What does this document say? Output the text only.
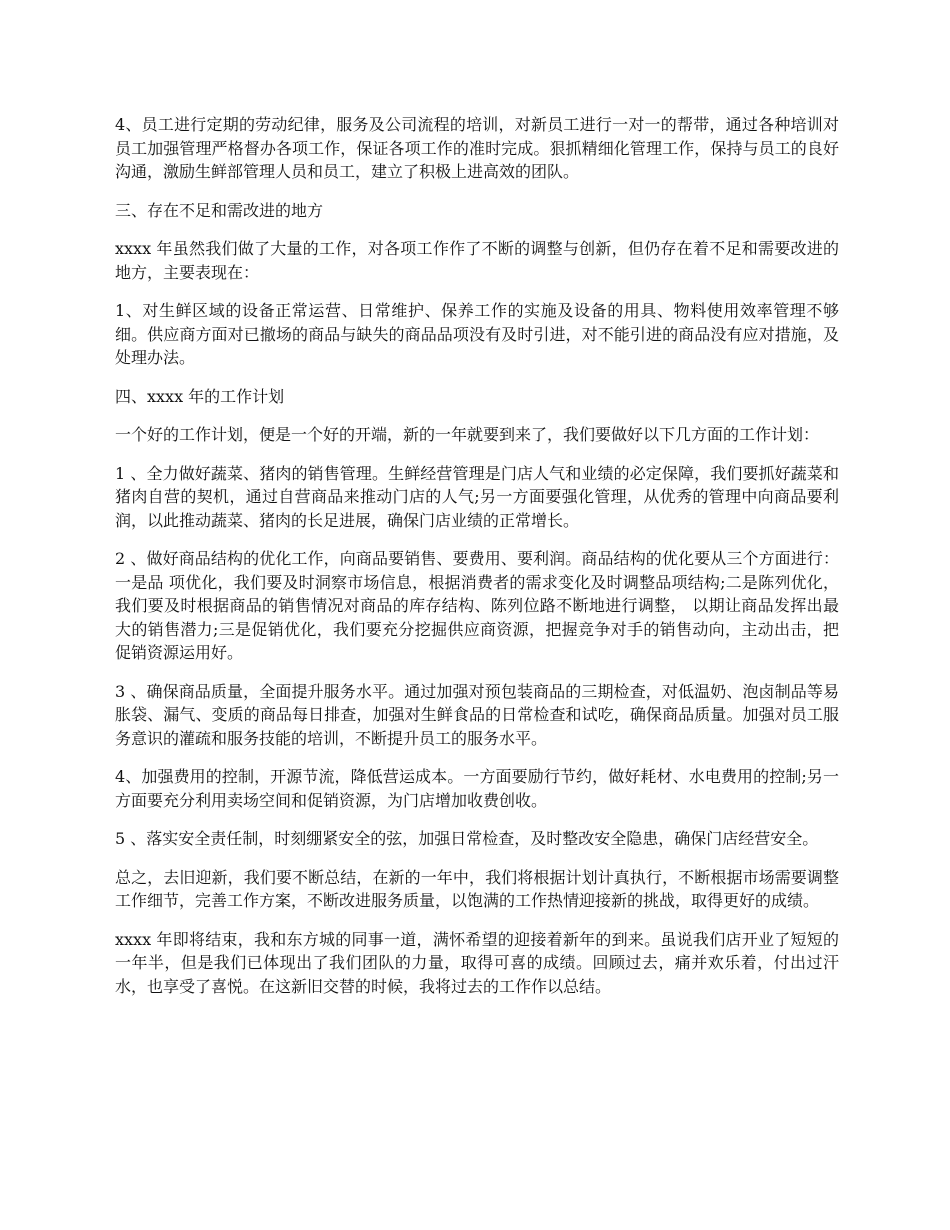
4、员工进行定期的劳动纪律，服务及公司流程的培训，对新员工进行一对一的帮带，通过各种培训对员工加强管理严格督办各项工作，保证各项工作的准时完成。狠抓精细化管理工作，保持与员工的良好沟通，激励生鲜部管理人员和员工，建立了积极上进高效的团队。

三、存在不足和需改进的地方

xxxx 年虽然我们做了大量的工作，对各项工作作了不断的调整与创新，但仍存在着不足和需要改进的地方，主要表现在：

1、对生鲜区域的设备正常运营、日常维护、保养工作的实施及设备的用具、物料使用效率管理不够细。供应商方面对已撤场的商品与缺失的商品品项没有及时引进，对不能引进的商品没有应对措施，及处理办法。

四、xxxx 年的工作计划

一个好的工作计划，便是一个好的开端，新的一年就要到来了，我们要做好以下几方面的工作计划：

1 、全力做好蔬菜、猪肉的销售管理。生鲜经营管理是门店人气和业绩的必定保障，我们要抓好蔬菜和猪肉自营的契机，通过自营商品来推动门店的人气;另一方面要强化管理，从优秀的管理中向商品要利润，以此推动蔬菜、猪肉的长足进展，确保门店业绩的正常增长。

2 、做好商品结构的优化工作，向商品要销售、要费用、要利润。商品结构的优化要从三个方面进行：一是品 项优化，我们要及时洞察市场信息，根据消费者的需求变化及时调整品项结构;二是陈列优化，我们要及时根据商品的销售情况对商品的库存结构、陈列位路不断地进行调整， 以期让商品发挥出最大的销售潜力;三是促销优化，我们要充分挖掘供应商资源，把握竞争对手的销售动向，主动出击，把促销资源运用好。

3 、确保商品质量，全面提升服务水平。通过加强对预包装商品的三期检查，对低温奶、泡卤制品等易胀袋、漏气、变质的商品每日排查，加强对生鲜食品的日常检查和试吃，确保商品质量。加强对员工服务意识的灌疏和服务技能的培训，不断提升员工的服务水平。

4、加强费用的控制，开源节流，降低营运成本。一方面要励行节约，做好耗材、水电费用的控制;另一方面要充分利用卖场空间和促销资源，为门店增加收费创收。

5 、落实安全责任制，时刻绷紧安全的弦，加强日常检查，及时整改安全隐患，确保门店经营安全。

总之，去旧迎新，我们要不断总结，在新的一年中，我们将根据计划计真执行，不断根据市场需要调整工作细节，完善工作方案，不断改进服务质量，以饱满的工作热情迎接新的挑战，取得更好的成绩。

xxxx 年即将结束，我和东方城的同事一道，满怀希望的迎接着新年的到来。虽说我们店开业了短短的一年半，但是我们已体现出了我们团队的力量，取得可喜的成绩。回顾过去，痛并欢乐着，付出过汗水，也享受了喜悦。在这新旧交替的时候，我将过去的工作作以总结。
